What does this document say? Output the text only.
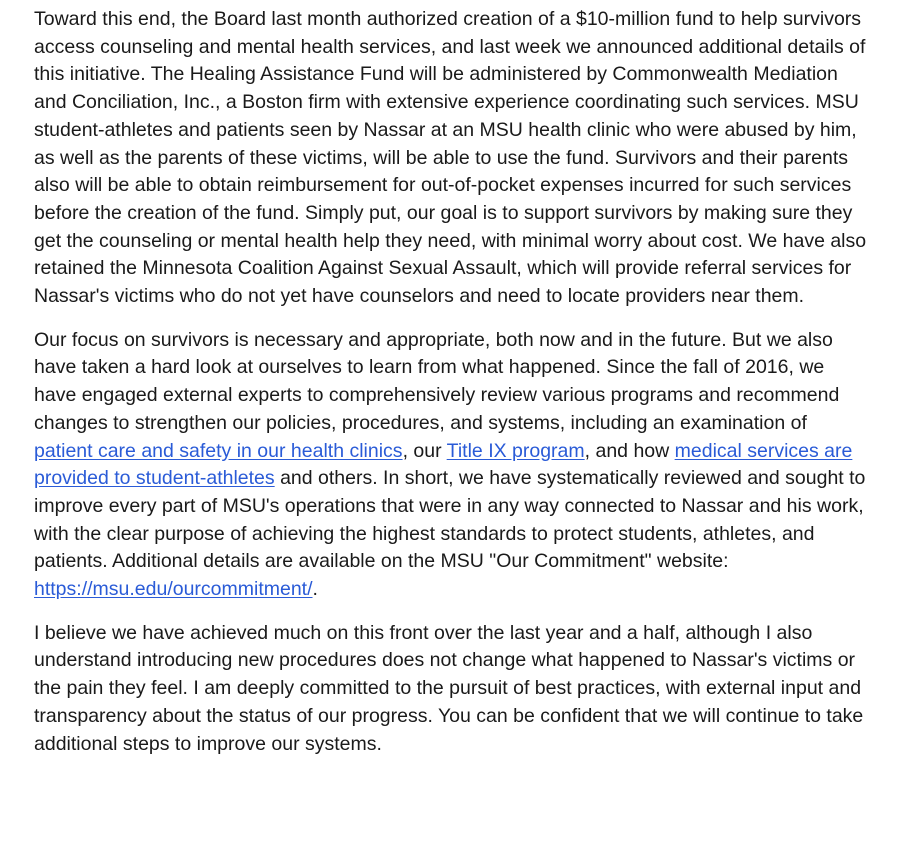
Toward this end, the Board last month authorized creation of a $10-million fund to help survivors access counseling and mental health services, and last week we announced additional details of this initiative. The Healing Assistance Fund will be administered by Commonwealth Mediation and Conciliation, Inc., a Boston firm with extensive experience coordinating such services. MSU student-athletes and patients seen by Nassar at an MSU health clinic who were abused by him, as well as the parents of these victims, will be able to use the fund. Survivors and their parents also will be able to obtain reimbursement for out-of-pocket expenses incurred for such services before the creation of the fund. Simply put, our goal is to support survivors by making sure they get the counseling or mental health help they need, with minimal worry about cost. We have also retained the Minnesota Coalition Against Sexual Assault, which will provide referral services for Nassar's victims who do not yet have counselors and need to locate providers near them.

Our focus on survivors is necessary and appropriate, both now and in the future. But we also have taken a hard look at ourselves to learn from what happened. Since the fall of 2016, we have engaged external experts to comprehensively review various programs and recommend changes to strengthen our policies, procedures, and systems, including an examination of patient care and safety in our health clinics, our Title IX program, and how medical services are provided to student-athletes and others. In short, we have systematically reviewed and sought to improve every part of MSU's operations that were in any way connected to Nassar and his work, with the clear purpose of achieving the highest standards to protect students, athletes, and patients. Additional details are available on the MSU "Our Commitment" website: https://msu.edu/ourcommitment/.

I believe we have achieved much on this front over the last year and a half, although I also understand introducing new procedures does not change what happened to Nassar's victims or the pain they feel. I am deeply committed to the pursuit of best practices, with external input and transparency about the status of our progress. You can be confident that we will continue to take additional steps to improve our systems.
